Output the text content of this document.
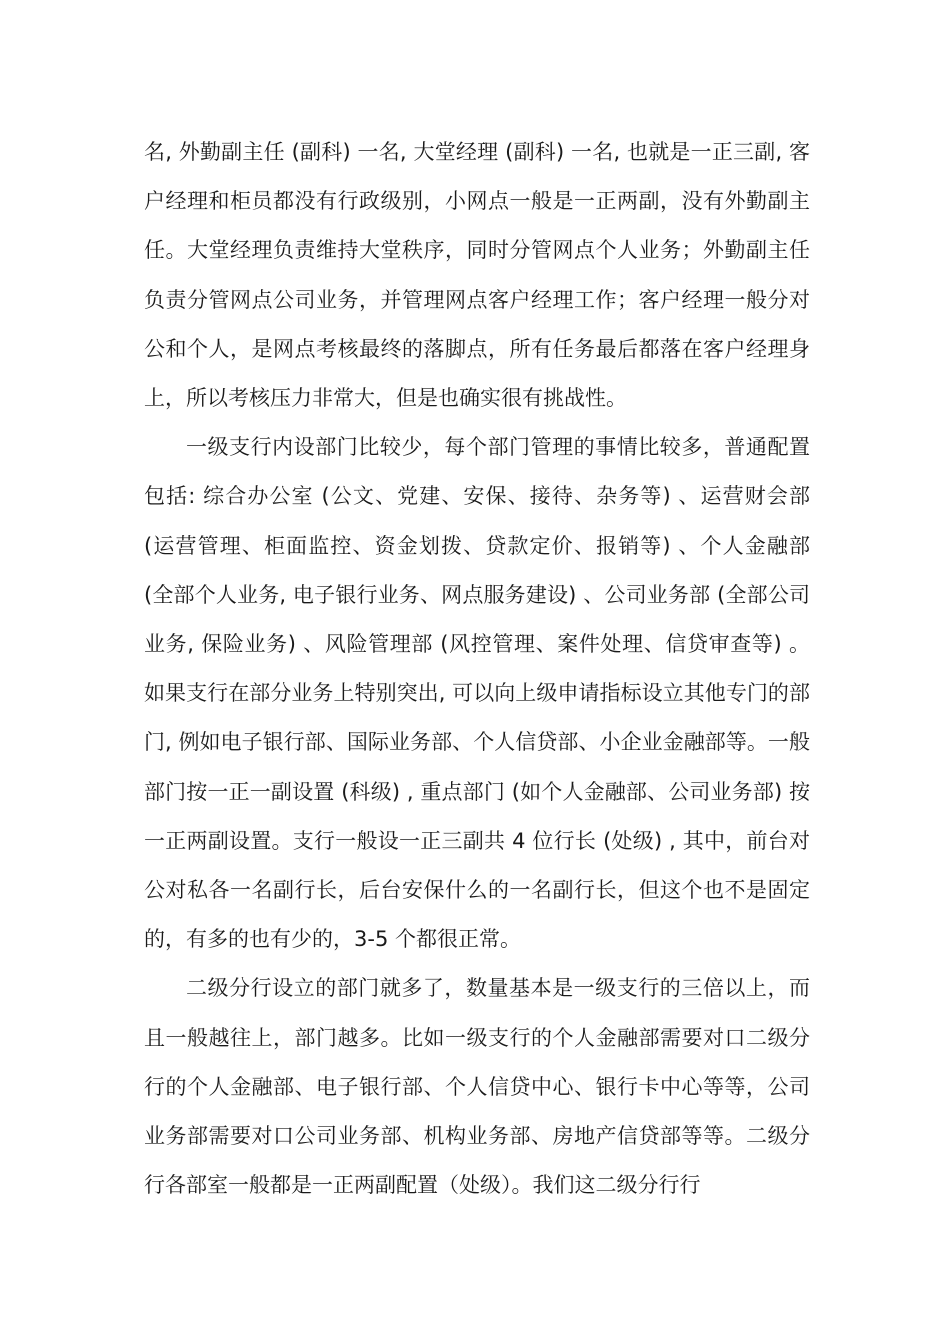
名, 外勤副主任 (副科) 一名, 大堂经理 (副科) 一名, 也就是一正三副, 客户经理和柜员都没有行政级别，小网点一般是一正两副，没有外勤副主任。大堂经理负责维持大堂秩序，同时分管网点个人业务；外勤副主任负责分管网点公司业务，并管理网点客户经理工作；客户经理一般分对公和个人，是网点考核最终的落脚点，所有任务最后都落在客户经理身上，所以考核压力非常大，但是也确实很有挑战性。

一级支行内设部门比较少，每个部门管理的事情比较多，普通配置包括: 综合办公室 (公文、党建、安保、接待、杂务等) 、运营财会部 (运营管理、柜面监控、资金划拨、贷款定价、报销等) 、个人金融部 (全部个人业务, 电子银行业务、网点服务建设) 、公司业务部 (全部公司业务, 保险业务) 、风险管理部 (风控管理、案件处理、信贷审查等) 。如果支行在部分业务上特别突出, 可以向上级申请指标设立其他专门的部门, 例如电子银行部、国际业务部、个人信贷部、小企业金融部等。一般部门按一正一副设置 (科级) , 重点部门 (如个人金融部、公司业务部) 按一正两副设置。支行一般设一正三副共 4 位行长 (处级) , 其中，前台对公对私各一名副行长，后台安保什么的一名副行长，但这个也不是固定的，有多的也有少的，3-5 个都很正常。

二级分行设立的部门就多了，数量基本是一级支行的三倍以上，而且一般越往上，部门越多。比如一级支行的个人金融部需要对口二级分行的个人金融部、电子银行部、个人信贷中心、银行卡中心等等，公司业务部需要对口公司业务部、机构业务部、房地产信贷部等等。二级分行各部室一般都是一正两副配置（处级）。我们这二级分行行
